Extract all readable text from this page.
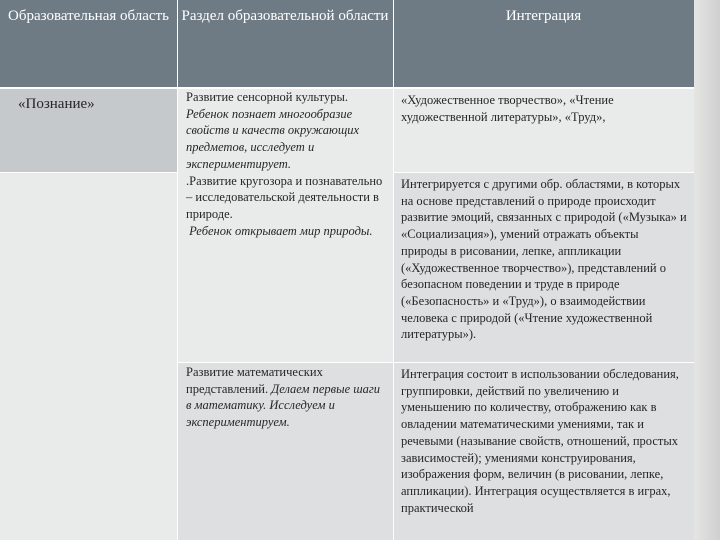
Образовательная область Раздел образовательной области	Интеграция
«Познание»	Развитие сенсорной культуры.
Ребенок познает многообразие свойств и качеств окружающих предметов, исследует и экспериментирует.
.Развитие кругозора и познавательно – исследовательской деятельности в природе.
Ребенок открывает мир природы.
«Художественное творчество», «Чтение художественной литературы», «Труд»,
Интегрируется с другими обр. областями, в которых на основе представлений о природе происходит развитие эмоций, связанных с природой («Музыка» и «Социализация»), умений отражать объекты природы в рисовании, лепке, аппликации («Художественное творчество»), представлений о безопасном поведении и труде в природе («Безопасность» и «Труд»), о взаимодействии человека с природой («Чтение художественной литературы»).
Развитие математических представлений. Делаем первые шаги в математику. Исследуем и экспериментируем.
Интеграция состоит в использовании обследования, группировки, действий по увеличению и уменьшению по количеству, отображению как в овладении математическими умениями, так и речевыми (называние свойств, отношений, простых зависимостей); умениями конструирования, изображения форм, величин (в рисовании, лепке, аппликации). Интеграция осуществляется в играх, практической
